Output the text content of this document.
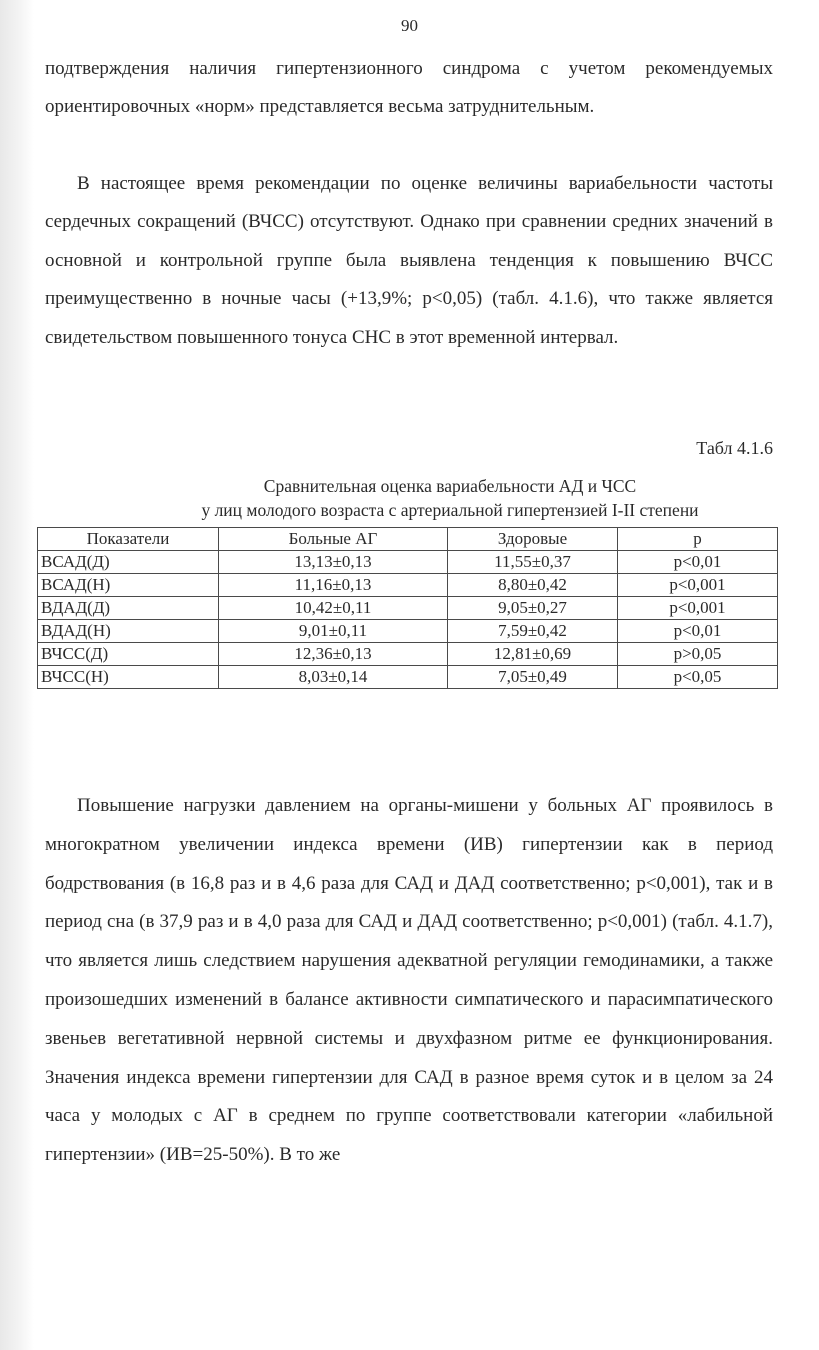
90

подтверждения наличия гипертензионного синдрома с учетом рекомендуемых ориентировочных «норм» представляется весьма затруднительным.

В настоящее время рекомендации по оценке величины вариабельности частоты сердечных сокращений (ВЧСС) отсутствуют. Однако при сравнении средних значений в основной и контрольной группе была выявлена тенденция к повышению ВЧСС преимущественно в ночные часы (+13,9%; p<0,05) (табл. 4.1.6), что также является свидетельством повышенного тонуса СНС в этот временной интервал.

Табл 4.1.6
Сравнительная оценка вариабельности АД и ЧСС
у лиц молодого возраста с артериальной гипертензией I-II степени
Показатели	Больные АГ	Здоровые	p
ВСАД(Д)	13,13±0,13	11,55±0,37	p<0,01
ВСАД(Н)	11,16±0,13	8,80±0,42	p<0,001
ВДАД(Д)	10,42±0,11	9,05±0,27	p<0,001
ВДАД(Н)	9,01±0,11	7,59±0,42	p<0,01
ВЧСС(Д)	12,36±0,13	12,81±0,69	p>0,05
ВЧСС(Н)	8,03±0,14	7,05±0,49	p<0,05

Повышение нагрузки давлением на органы-мишени у больных АГ проявилось в многократном увеличении индекса времени (ИВ) гипертензии как в период бодрствования (в 16,8 раз и в 4,6 раза для САД и ДАД соответственно; p<0,001), так и в период сна (в 37,9 раз и в 4,0 раза для САД и ДАД соответственно; p<0,001) (табл. 4.1.7), что является лишь следствием нарушения адекватной регуляции гемодинамики, а также произошедших изменений в балансе активности симпатического и парасимпатического звеньев вегетативной нервной системы и двухфазном ритме ее функционирования. Значения индекса времени гипертензии для САД в разное время суток и в целом за 24 часа у молодых с АГ в среднем по группе соответствовали категории «лабильной гипертензии» (ИВ=25-50%). В то же
